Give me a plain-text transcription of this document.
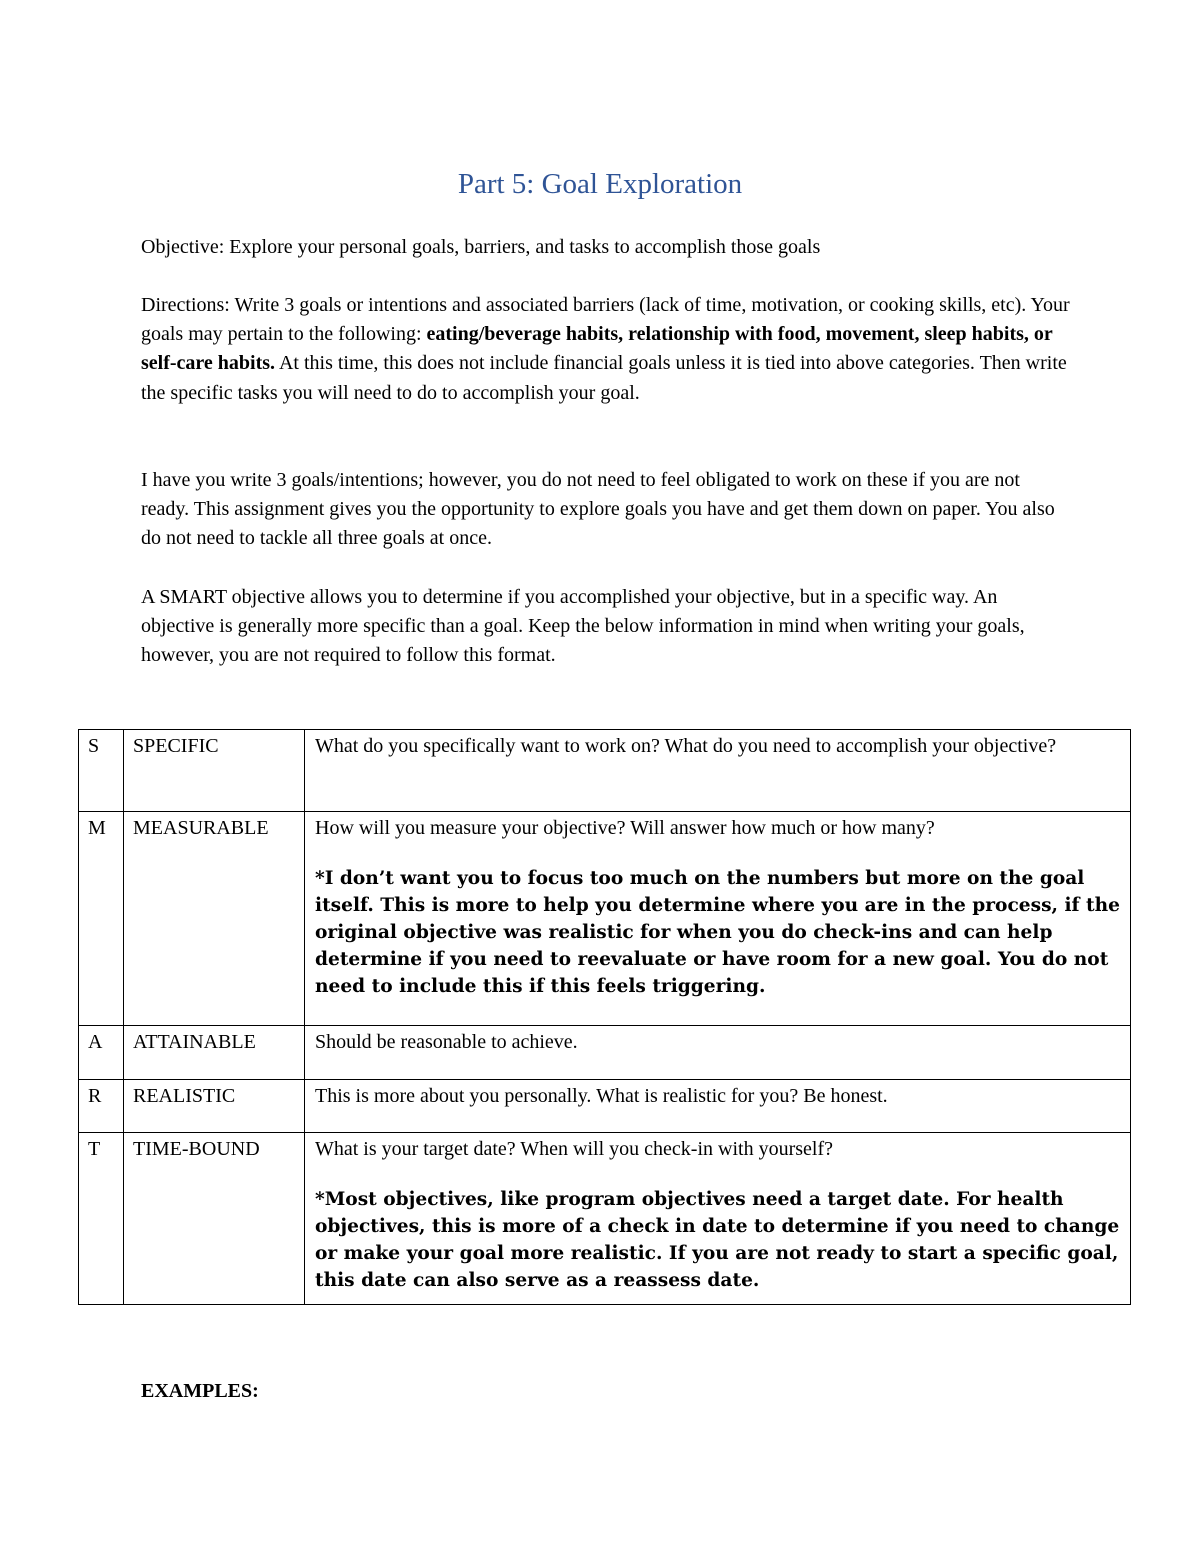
Part 5: Goal Exploration

Objective: Explore your personal goals, barriers, and tasks to accomplish those goals

Directions: Write 3 goals or intentions and associated barriers (lack of time, motivation, or cooking skills, etc). Your goals may pertain to the following: eating/beverage habits, relationship with food, movement, sleep habits, or self-care habits. At this time, this does not include financial goals unless it is tied into above categories. Then write the specific tasks you will need to do to accomplish your goal.

I have you write 3 goals/intentions; however, you do not need to feel obligated to work on these if you are not ready. This assignment gives you the opportunity to explore goals you have and get them down on paper. You also do not need to tackle all three goals at once.

A SMART objective allows you to determine if you accomplished your objective, but in a specific way. An objective is generally more specific than a goal. Keep the below information in mind when writing your goals, however, you are not required to follow this format.

S	SPECIFIC	What do you specifically want to work on? What do you need to accomplish your objective?

M	MEASURABLE	How will you measure your objective? Will answer how much or how many?
*I don’t want you to focus too much on the numbers but more on the goal itself. This is more to help you determine where you are in the process, if the original objective was realistic for when you do check-ins and can help determine if you need to reevaluate or have room for a new goal. You do not need to include this if this feels triggering.

A	ATTAINABLE	Should be reasonable to achieve.

R	REALISTIC	This is more about you personally. What is realistic for you? Be honest.

T	TIME-BOUND	What is your target date? When will you check-in with yourself?
*Most objectives, like program objectives need a target date. For health objectives, this is more of a check in date to determine if you need to change or make your goal more realistic. If you are not ready to start a specific goal, this date can also serve as a reassess date.

EXAMPLES:
